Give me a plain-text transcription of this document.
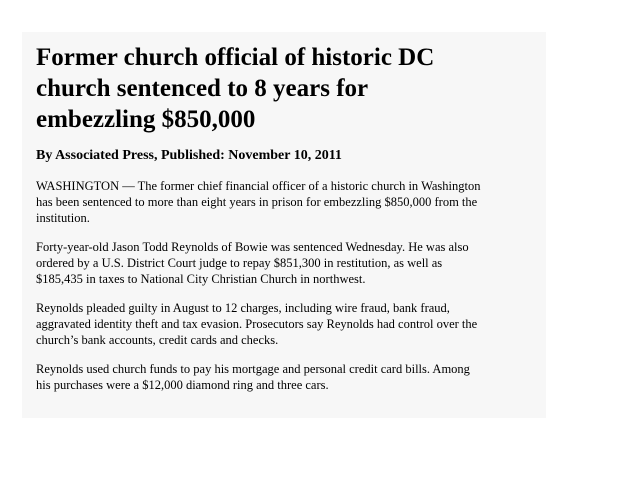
Former church official of historic DC
church sentenced to 8 years for
embezzling $850,000

By Associated Press, Published: November 10, 2011

WASHINGTON — The former chief financial officer of a historic church in Washington
has been sentenced to more than eight years in prison for embezzling $850,000 from the
institution.

Forty-year-old Jason Todd Reynolds of Bowie was sentenced Wednesday. He was also
ordered by a U.S. District Court judge to repay $851,300 in restitution, as well as
$185,435 in taxes to National City Christian Church in northwest.

Reynolds pleaded guilty in August to 12 charges, including wire fraud, bank fraud,
aggravated identity theft and tax evasion. Prosecutors say Reynolds had control over the
church’s bank accounts, credit cards and checks.

Reynolds used church funds to pay his mortgage and personal credit card bills. Among
his purchases were a $12,000 diamond ring and three cars.
